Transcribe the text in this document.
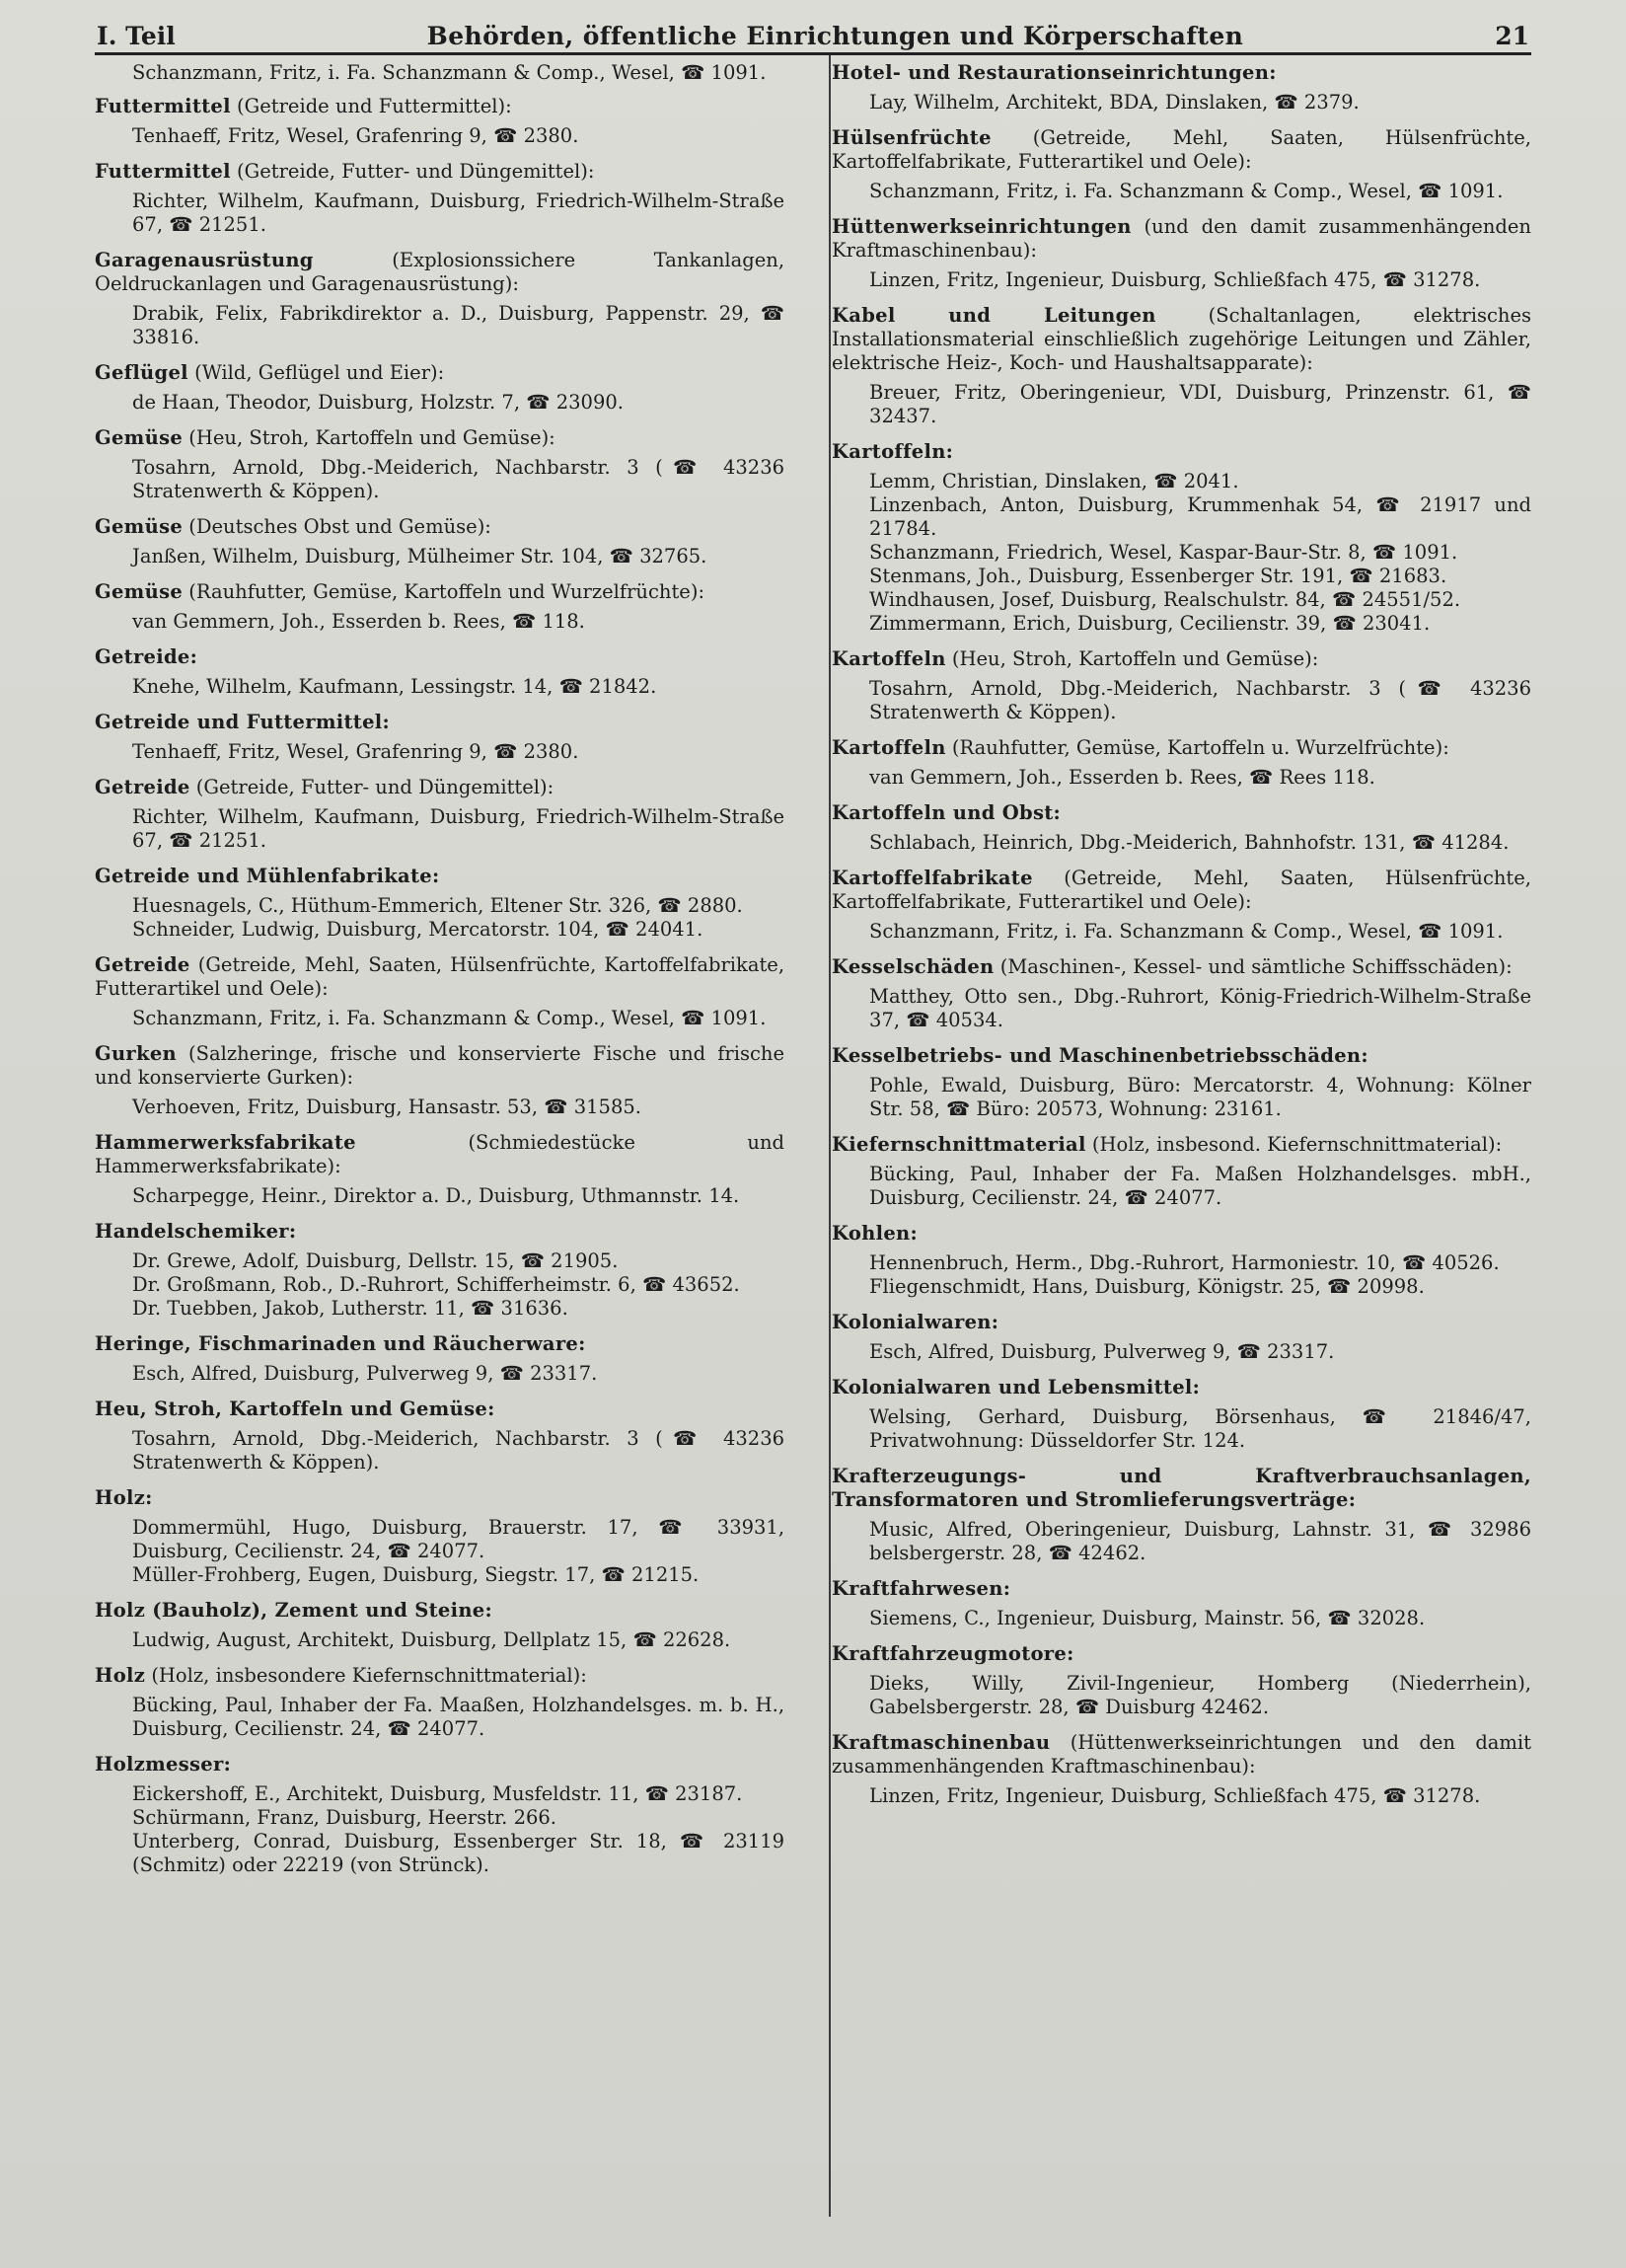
I. Teil	Behörden, öffentliche Einrichtungen und Körperschaften	21

Schanzmann, Fritz, i. Fa. Schanzmann & Comp., Wesel, ☎ 1091.

Futtermittel (Getreide und Futtermittel):

Tenhaeff, Fritz, Wesel, Grafenring 9, ☎ 2380.

Futtermittel (Getreide, Futter- und Düngemittel):

Richter, Wilhelm, Kaufmann, Duisburg, Friedrich-Wilhelm-Straße 67, ☎ 21251.

Garagenausrüstung (Explosionssichere Tankanlagen, Oeldruckanlagen und Garagenausrüstung):

Drabik, Felix, Fabrikdirektor a. D., Duisburg, Pappenstr. 29, ☎ 33816.

Geflügel (Wild, Geflügel und Eier):

de Haan, Theodor, Duisburg, Holzstr. 7, ☎ 23090.

Gemüse (Heu, Stroh, Kartoffeln und Gemüse):

Tosahrn, Arnold, Dbg.-Meiderich, Nachbarstr. 3 (☎ 43236 Stratenwerth & Köppen).

Gemüse (Deutsches Obst und Gemüse):

Janßen, Wilhelm, Duisburg, Mülheimer Str. 104, ☎ 32765.

Gemüse (Rauhfutter, Gemüse, Kartoffeln und Wurzelfrüchte):

van Gemmern, Joh., Esserden b. Rees, ☎ 118.

Getreide:

Knehe, Wilhelm, Kaufmann, Lessingstr. 14, ☎ 21842.

Getreide und Futtermittel:

Tenhaeff, Fritz, Wesel, Grafenring 9, ☎ 2380.

Getreide (Getreide, Futter- und Düngemittel):

Richter, Wilhelm, Kaufmann, Duisburg, Friedrich-Wilhelm-Straße 67, ☎ 21251.

Getreide und Mühlenfabrikate:

Huesnagels, C., Hüthum-Emmerich, Eltener Str. 326, ☎ 2880.

Schneider, Ludwig, Duisburg, Mercatorstr. 104, ☎ 24041.

Getreide (Getreide, Mehl, Saaten, Hülsenfrüchte, Kartoffelfabrikate, Futterartikel und Oele):

Schanzmann, Fritz, i. Fa. Schanzmann & Comp., Wesel, ☎ 1091.

Gurken (Salzheringe, frische und konservierte Fische und frische und konservierte Gurken):

Verhoeven, Fritz, Duisburg, Hansastr. 53, ☎ 31585.

Hammerwerksfabrikate (Schmiedestücke und Hammerwerksfabrikate):

Scharpegge, Heinr., Direktor a. D., Duisburg, Uthmannstr. 14.

Handelschemiker:

Dr. Grewe, Adolf, Duisburg, Dellstr. 15, ☎ 21905.

Dr. Großmann, Rob., D.-Ruhrort, Schifferheimstr. 6, ☎ 43652.

Dr. Tuebben, Jakob, Lutherstr. 11, ☎ 31636.

Heringe, Fischmarinaden und Räucherware:

Esch, Alfred, Duisburg, Pulverweg 9, ☎ 23317.

Heu, Stroh, Kartoffeln und Gemüse:

Tosahrn, Arnold, Dbg.-Meiderich, Nachbarstr. 3 (☎ 43236 Stratenwerth & Köppen).

Holz:

Dommermühl, Hugo, Duisburg, Brauerstr. 17, ☎ 33931, Duisburg, Cecilienstr. 24, ☎ 24077.

Müller-Frohberg, Eugen, Duisburg, Siegstr. 17, ☎ 21215.

Holz (Bauholz), Zement und Steine:

Ludwig, August, Architekt, Duisburg, Dellplatz 15, ☎ 22628.

Holz (Holz, insbesondere Kiefernschnittmaterial):

Bücking, Paul, Inhaber der Fa. Maaßen, Holzhandelsges. m. b. H., Duisburg, Cecilienstr. 24, ☎ 24077.

Holzmesser:

Eickershoff, E., Architekt, Duisburg, Musfeldstr. 11, ☎ 23187.

Schürmann, Franz, Duisburg, Heerstr. 266.

Unterberg, Conrad, Duisburg, Essenberger Str. 18, ☎ 23119 (Schmitz) oder 22219 (von Strünck).

Hotel- und Restaurationseinrichtungen:

Lay, Wilhelm, Architekt, BDA, Dinslaken, ☎ 2379.

Hülsenfrüchte (Getreide, Mehl, Saaten, Hülsenfrüchte, Kartoffelfabrikate, Futterartikel und Oele):

Schanzmann, Fritz, i. Fa. Schanzmann & Comp., Wesel, ☎ 1091.

Hüttenwerkseinrichtungen (und den damit zusammenhängenden Kraftmaschinenbau):

Linzen, Fritz, Ingenieur, Duisburg, Schließfach 475, ☎ 31278.

Kabel und Leitungen (Schaltanlagen, elektrisches Installationsmaterial einschließlich zugehörige Leitungen und Zähler, elektrische Heiz-, Koch- und Haushaltsapparate):

Breuer, Fritz, Oberingenieur, VDI, Duisburg, Prinzenstr. 61, ☎ 32437.

Kartoffeln:

Lemm, Christian, Dinslaken, ☎ 2041.

Linzenbach, Anton, Duisburg, Krummenhak 54, ☎ 21917 und 21784.

Schanzmann, Friedrich, Wesel, Kaspar-Baur-Str. 8, ☎ 1091.

Stenmans, Joh., Duisburg, Essenberger Str. 191, ☎ 21683.

Windhausen, Josef, Duisburg, Realschulstr. 84, ☎ 24551/52.

Zimmermann, Erich, Duisburg, Cecilienstr. 39, ☎ 23041.

Kartoffeln (Heu, Stroh, Kartoffeln und Gemüse):

Tosahrn, Arnold, Dbg.-Meiderich, Nachbarstr. 3 (☎ 43236 Stratenwerth & Köppen).

Kartoffeln (Rauhfutter, Gemüse, Kartoffeln u. Wurzelfrüchte):

van Gemmern, Joh., Esserden b. Rees, ☎ Rees 118.

Kartoffeln und Obst:

Schlabach, Heinrich, Dbg.-Meiderich, Bahnhofstr. 131, ☎ 41284.

Kartoffelfabrikate (Getreide, Mehl, Saaten, Hülsenfrüchte, Kartoffelfabrikate, Futterartikel und Oele):

Schanzmann, Fritz, i. Fa. Schanzmann & Comp., Wesel, ☎ 1091.

Kesselschäden (Maschinen-, Kessel- und sämtliche Schiffsschäden):

Matthey, Otto sen., Dbg.-Ruhrort, König-Friedrich-Wilhelm-Straße 37, ☎ 40534.

Kesselbetriebs- und Maschinenbetriebsschäden:

Pohle, Ewald, Duisburg, Büro: Mercatorstr. 4, Wohnung: Kölner Str. 58, ☎ Büro: 20573, Wohnung: 23161.

Kiefernschnittmaterial (Holz, insbesond. Kiefernschnittmaterial):

Bücking, Paul, Inhaber der Fa. Maßen Holzhandelsges. mbH., Duisburg, Cecilienstr. 24, ☎ 24077.

Kohlen:

Hennenbruch, Herm., Dbg.-Ruhrort, Harmoniestr. 10, ☎ 40526.

Fliegenschmidt, Hans, Duisburg, Königstr. 25, ☎ 20998.

Kolonialwaren:

Esch, Alfred, Duisburg, Pulverweg 9, ☎ 23317.

Kolonialwaren und Lebensmittel:

Welsing, Gerhard, Duisburg, Börsenhaus, ☎ 21846/47, Privatwohnung: Düsseldorfer Str. 124.

Krafterzeugungs- und Kraftverbrauchsanlagen, Transformatoren und Stromlieferungsverträge:

Music, Alfred, Oberingenieur, Duisburg, Lahnstr. 31, ☎ 32986 belsbergerstr. 28, ☎ 42462.

Kraftfahrwesen:

Siemens, C., Ingenieur, Duisburg, Mainstr. 56, ☎ 32028.

Kraftfahrzeugmotore:

Dieks, Willy, Zivil-Ingenieur, Homberg (Niederrhein), Gabelsbergerstr. 28, ☎ Duisburg 42462.

Kraftmaschinenbau (Hüttenwerkseinrichtungen und den damit zusammenhängenden Kraftmaschinenbau):

Linzen, Fritz, Ingenieur, Duisburg, Schließfach 475, ☎ 31278.
